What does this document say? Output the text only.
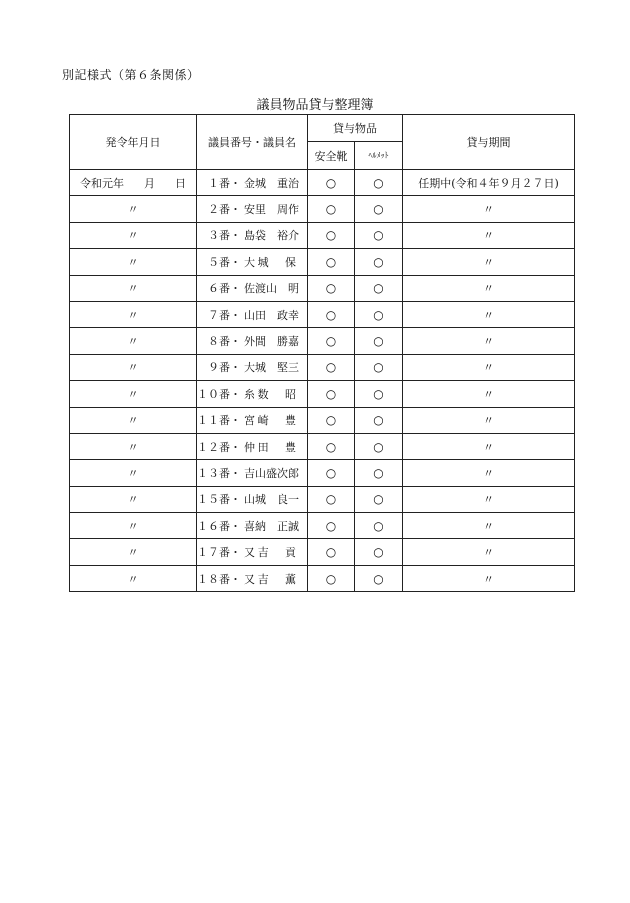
別記様式（第６条関係）
議員物品貸与整理簿
発令年月日	議員番号・議員名	貸与物品		貸与期間
		安全靴	ﾍﾙﾒｯﾄ	

令和元年 月 日	１番・ 金城　重治	○	○	任期中(令和４年９月２７日)
〃	２番・ 安里　周作	○	○	〃
〃	３番・ 島袋　裕介	○	○	〃
〃	５番・ 大城　保	○	○	〃
〃	６番・ 佐渡山　明	○	○	〃
〃	７番・ 山田　政幸	○	○	〃
〃	８番・ 外間　勝嘉	○	○	〃
〃	９番・ 大城　堅三	○	○	〃
〃	１０番・ 糸数　昭	○	○	〃
〃	１１番・ 宮崎　豊	○	○	〃
〃	１２番・ 仲田　豊	○	○	〃
〃	１３番・ 吉山盛次郎	○	○	〃
〃	１５番・ 山城　良一	○	○	〃
〃	１６番・ 喜納　正誠	○	○	〃
〃	１７番・ 又吉　貢	○	○	〃
〃	１８番・ 又吉　薫	○	○	〃
